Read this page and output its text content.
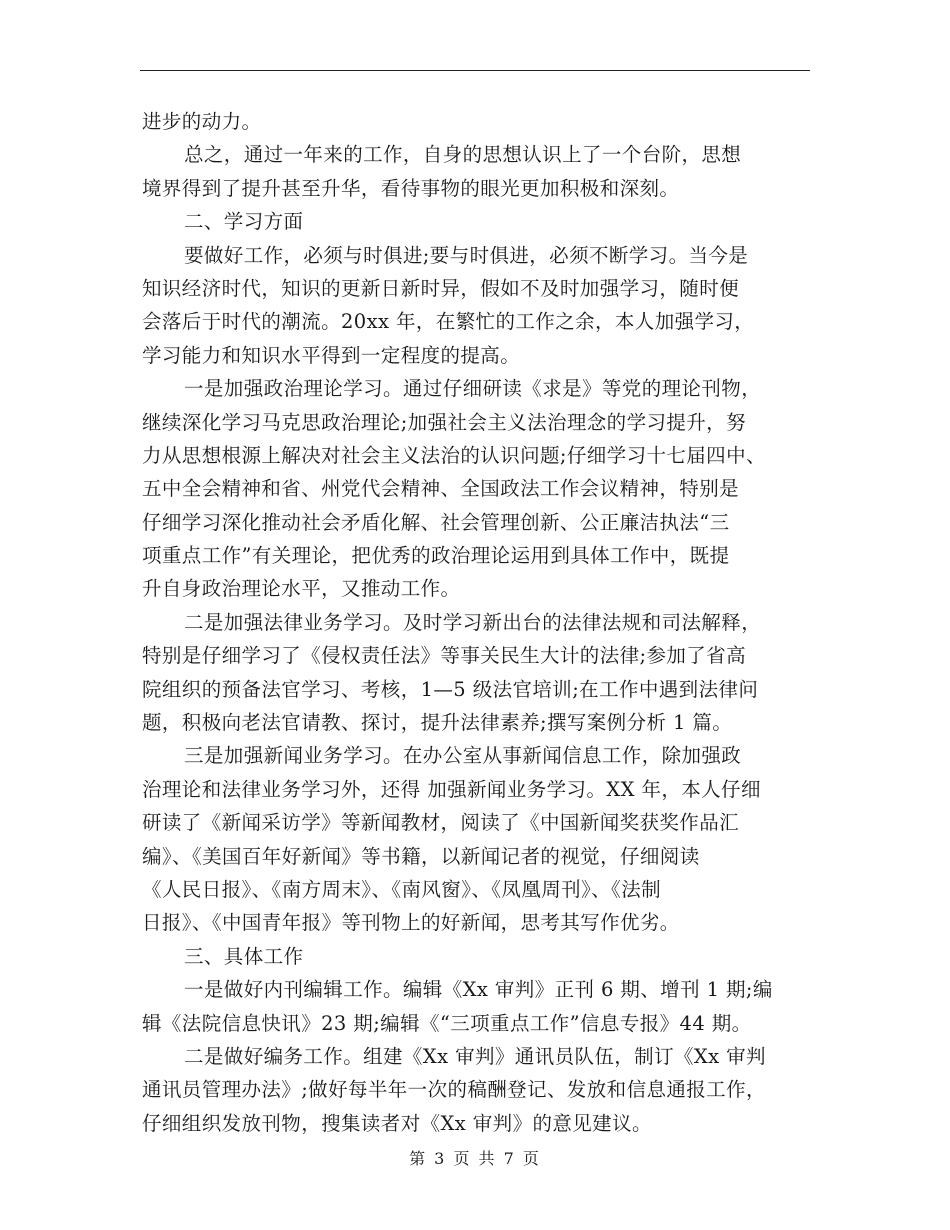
进步的动力。
总之，通过一年来的工作，自身的思想认识上了一个台阶，思想
境界得到了提升甚至升华，看待事物的眼光更加积极和深刻。
二、学习方面
要做好工作，必须与时俱进;要与时俱进，必须不断学习。当今是
知识经济时代，知识的更新日新时异，假如不及时加强学习，随时便
会落后于时代的潮流。20xx 年，在繁忙的工作之余，本人加强学习，
学习能力和知识水平得到一定程度的提高。
一是加强政治理论学习。通过仔细研读《求是》等党的理论刊物，
继续深化学习马克思政治理论;加强社会主义法治理念的学习提升，努
力从思想根源上解决对社会主义法治的认识问题;仔细学习十七届四中、
五中全会精神和省、州党代会精神、全国政法工作会议精神，特别是
仔细学习深化推动社会矛盾化解、社会管理创新、公正廉洁执法“三
项重点工作”有关理论，把优秀的政治理论运用到具体工作中，既提
升自身政治理论水平，又推动工作。
二是加强法律业务学习。及时学习新出台的法律法规和司法解释，
特别是仔细学习了《侵权责任法》等事关民生大计的法律;参加了省高
院组织的预备法官学习、考核，1—5 级法官培训;在工作中遇到法律问
题，积极向老法官请教、探讨，提升法律素养;撰写案例分析 1 篇。
三是加强新闻业务学习。在办公室从事新闻信息工作，除加强政
治理论和法律业务学习外，还得 加强新闻业务学习。XX 年，本人仔细
研读了《新闻采访学》等新闻教材，阅读了《中国新闻奖获奖作品汇
编》、《美国百年好新闻》等书籍，以新闻记者的视觉，仔细阅读
《人民日报》、《南方周末》、《南风窗》、《凤凰周刊》、《法制
日报》、《中国青年报》等刊物上的好新闻，思考其写作优劣。
三、具体工作
一是做好内刊编辑工作。编辑《Xx 审判》正刊 6 期、增刊 1 期;编
辑《法院信息快讯》23 期;编辑《“三项重点工作”信息专报》44 期。
二是做好编务工作。组建《Xx 审判》通讯员队伍，制订《Xx 审判
通讯员管理办法》;做好每半年一次的稿酬登记、发放和信息通报工作，
仔细组织发放刊物，搜集读者对《Xx 审判》的意见建议。
第 3 页 共 7 页
